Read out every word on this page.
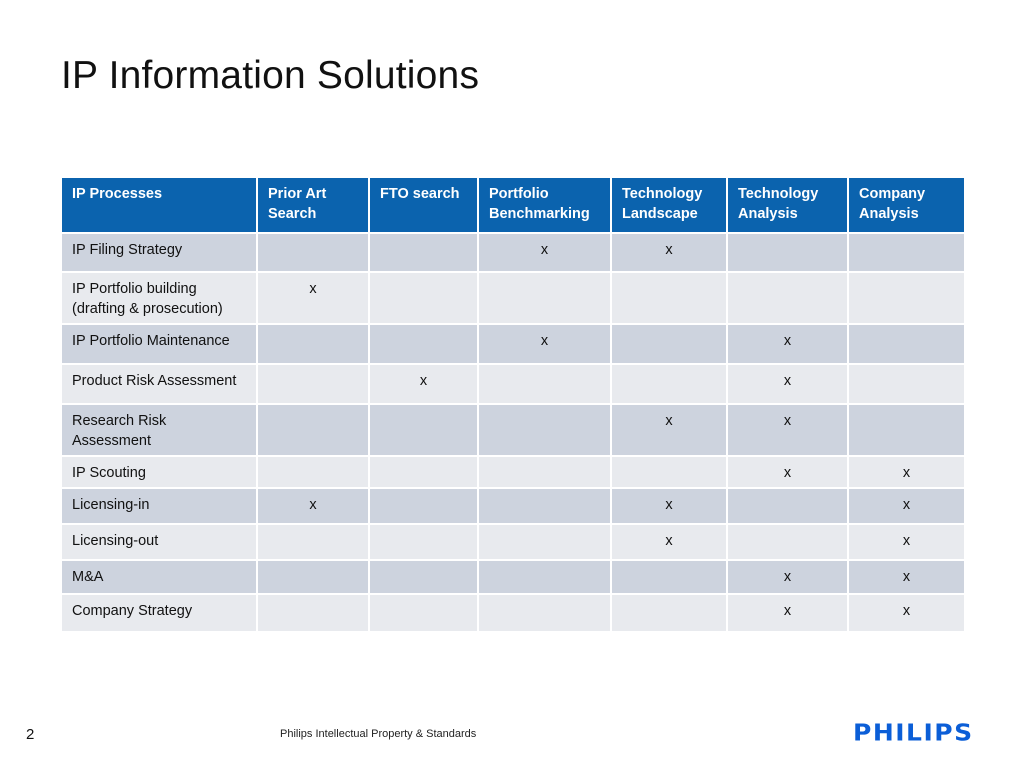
IP Information Solutions
IP Processes	Prior Art Search	FTO search	Portfolio Benchmarking	Technology Landscape	Technology Analysis	Company Analysis
IP Filing Strategy			x	x		
IP Portfolio building (drafting & prosecution)	x					
IP Portfolio Maintenance			x		x	
Product Risk Assessment		x			x	
Research Risk Assessment				x	x	
IP Scouting					x	x
Licensing-in	x			x		x
Licensing-out				x		x
M&A					x	x
Company Strategy					x	x
2	Philips Intellectual Property & Standards	PHILIPS
